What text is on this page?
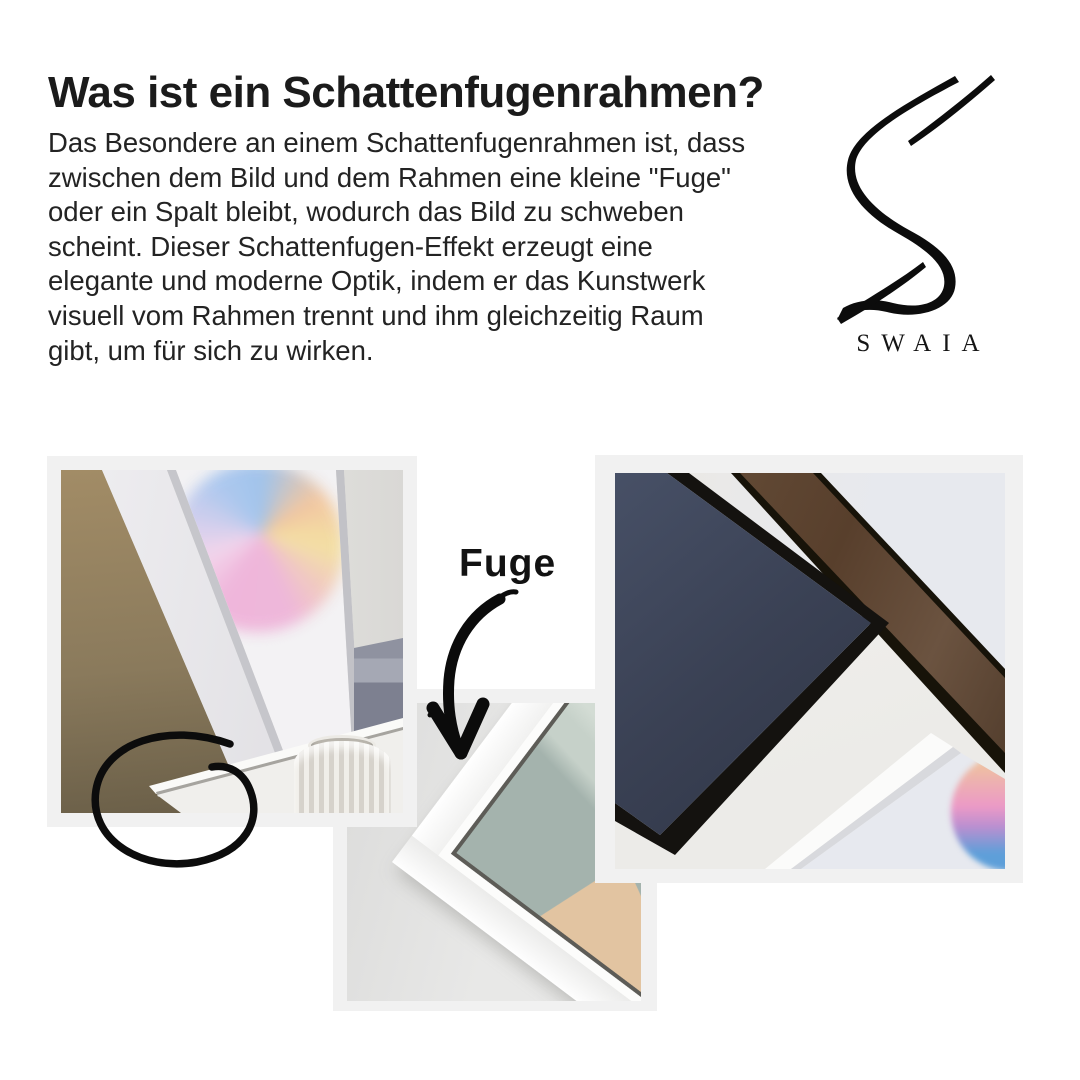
Was ist ein Schattenfugenrahmen?
Das Besondere an einem Schattenfugenrahmen ist, dass
zwischen dem Bild und dem Rahmen eine kleine "Fuge"
oder ein Spalt bleibt, wodurch das Bild zu schweben
scheint. Dieser Schattenfugen-Effekt erzeugt eine
elegante und moderne Optik, indem er das Kunstwerk
visuell vom Rahmen trennt und ihm gleichzeitig Raum
gibt, um für sich zu wirken.	SWAIA
Fuge
